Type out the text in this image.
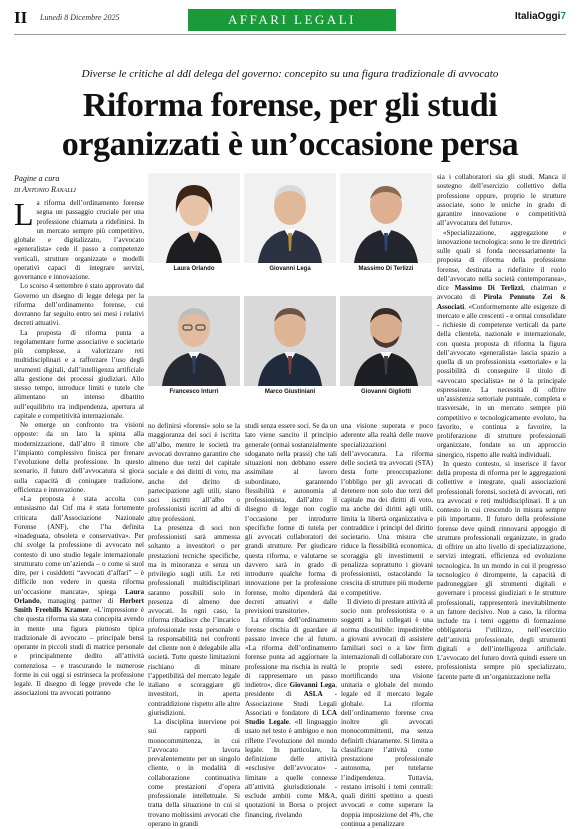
II Lunedì 8 Dicembre 2025	AFFARI LEGALI	ItaliaOggi7
Diverse le critiche al ddl delega del governo: concepito su una figura tradizionale di avvocato
Riforma forense, per gli studi
organizzati è un’occasione persa
Pagine a cura
di Antonio Ranalli

La riforma dell’ordinamento forense segna un passaggio cruciale per una professione chiamata a ridefinirsi. In un mercato sempre più competitivo, globale e digitalizzato, l’avvocato «generalista» cede il passo a competenze verticali, strutture organizzate e modelli operativi capaci di integrare servizi, governance e innovazione.

Lo scorso 4 settembre è stato approvato dal Governo un disegno di legge delega per la riforma dell’ordinamento forense, cui dovranno far seguito entro sei mesi i relativi decreti attuativi.

La proposta di riforma punta a regolamentare forme associative e societarie più complesse, a valorizzare reti multidisciplinari e a rafforzare l’uso degli strumenti digitali, dall’intelligenza artificiale alla gestione dei processi giudiziari. Allo stesso tempo, introduce limiti e tutele che alimentano un intenso dibattito sull’equilibrio tra indipendenza, apertura al capitale e competitività internazionale.

Ne emerge un confronto tra visioni opposte: da un lato la spinta alla modernizzazione, dall’altro il timore che l’impianto complessivo finisca per frenare l’evoluzione della professione. In questo scenario, il futuro dell’avvocatura si gioca sulla capacità di coniugare tradizione, efficienza e innovazione.

«La proposta è stata accolta con entusiasmo dal Cnf ma è stata fortemente criticata dall’Associazione Nazionale Forense (ANF), che l’ha definita «inadeguata, obsoleta e conservativa». Per chi svolge la professione di avvocato nel contesto di uno studio legale internazionale strutturato come un’azienda – o come si suol dire, per i cosiddetti “avvocati d’affari” – è difficile non vedere in questa riforma un’occasione mancata», spiega Laura Orlando, managing partner di Herbert Smith Freehills Kramer. «L’impressione è che questa riforma sia stata concepita avendo in mente una figura piuttosto tipica tradizionale di avvocato – principale bensì operante in piccoli studi di matrice personale e principalmente dedito all’attività contenziosa – e trascurando le numerose forme in cui oggi si estrinseca la professione legale. Il disegno di legge prevede che le associazioni tra avvocati potranno

Laura Orlando	Giovanni Lega	Massimo Di Terlizzi
Francesco Inturri	Marco Giustiniani	Giovanni Gigliotti

sia i collaboratori sia gli studi. Manca il sostegno dell’esercizio collettivo della professione oppure, proprio le strutture associate, sono le uniche in grado di garantire innovazione e competitività all’avvocatura del futuro».

«Specializzazione, aggregazione e innovazione tecnologica: sono le tre direttrici sulle quali si fonda necessariamente la proposta di riforma della professione forense, destinata a ridefinire il ruolo dell’avvocato nella società contemporanea», dice Massimo Di Terlizzi, chairman e avvocato di Pirola Pennuto Zei & Associati. «Conformemente alle esigenze di mercato e alle crescenti - e ormai consolidate - richieste di competenze verticali da parte della clientela, nazionale e internazionale, con questa proposta di riforma la figura dell’avvocato «generalista» lascia spazio a quella di un professionista «settoriale» e la possibilità di conseguire il titolo di «avvocato specialista» ne è la principale espressione. La necessità di offrire un’assistenza settoriale puntuale, completa e trasversale, in un mercato sempre più competitivo e tecnologicamente evoluto, ha favorito, e continua a favorire, la proliferazione di strutture professionali organizzate, fondate su un approccio sinergico, rispetto alle realtà individuali.

In questo contesto, si inserisce il favor della proposta di riforma per le aggregazioni collettive e integrate, quali associazioni professionali forensi, società di avvocati, reti tra avvocati e reti multidisciplinari. Il a un contesto in cui crescendo in misura sempre più importante. Il futuro della professione forense deve quindi rinnovarsi appoggio di strutture professionali organizzate, in grado di offrire un alto livello di specializzazione, servizi integrati, efficienza ed evoluzione tecnologica. In un mondo in cui il progresso tecnologico è dirompente, la capacità di padroneggiare gli strumenti digitali e governare i processi giudiziari e le strutture professionali, rappresenterà inevitabilmente un fattore decisivo. Non a caso, la riforma include tra i temi oggetto di formazione obbligatoria l’utilizzo, nell’esercizio dell’attività professionale, degli strumenti digitali e dell’intelligenza artificiale. L’avvocato del futuro dovrà quindi essere un professionista sempre più specializzato, facente parte di un’organizzazione nella

no definirsi «forensi» solo se la maggioranza dei soci è iscritta all’albo, mentre le società tra avvocati dovranno garantire che almeno due terzi del capitale sociale e dei diritti di voto, ma anche del diritto di partecipazione agli utili, siano soci iscritti all’albo o professionisti iscritti ad albi di altre professioni.

La presenza di soci non professionisti sarà ammessa soltanto a investitori o per prestazioni tecniche specifiche, ma in minoranza e senza un privilegio sugli utili. Le reti professionali multidisciplinari saranno possibili solo in presenza di almeno due avvocati. In ogni caso, la riforma ribadisce che l’incarico professionale resta personale e la responsabilità nei confronti del cliente non è delegabile alla società. Tutte queste limitazioni rischiano di minare l’appetibilità del mercato legale italiano e scoraggiare gli investitori, in aperta contraddizione rispetto alle altre giurisdizioni.

La disciplina interviene poi sui rapporti di monocommittenza, in cui l’avvocato lavora prevalentemente per un singolo cliente, o in modalità di collaborazione continuativa come prestazioni d’opera professionale intellettuale. Si tratta della situazione in cui si trovano moltissimi avvocati che operano in grandi

studi senza essere soci. Se da un lato viene sancito il principio generale (ormai sostanzialmente sdoganato nella prassi) che tali situazioni non debbano essere assimilate al lavoro subordinato, garantendo flessibilità e autonomia al professionista, dall’altro il disegno di legge non coglie l’occasione per introdurre specifiche forme di tutela per gli avvocati collaboratori dei grandi strutture. Per giudicare questa riforma, e valutarne se davvero sarà in grado di introdurre qualche forma di innovazione per la professione forense, molto dipenderà dai decreti attuativi e dalle previsioni transitorie».

La riforma dell’ordinamento forense rischia di guardare al passato invece che al futuro. «La riforma dell’ordinamento forense punta ad aggiornare la professione ma rischia in realtà di rappresentare un passo indietro», dice Giovanni Lega, presidente di ASLA - Associazione Studi Legali Associati e fondatore di LCA Studio Legale. «Il linguaggio usato nel testo è ambiguo e non riflette l’evoluzione del mondo legale. In particolare, la definizione delle attività «esclusive dell’avvocato» - limitate a quelle connesse all’attività giurisdizionale - esclude ambiti come M&A, quotazioni in Borsa o project financing, rivelando

una visione superata e poco aderente alla realtà delle nuove specializzazioni dell’avvocatura. La riforma delle società tra avvocati (STA) desta forte preoccupazione: l’obbligo per gli avvocati di detenere non solo due terzi del capitale ma dei diritti di voto, ma anche dei diritti agli utili, limita la libertà organizzativa e contraddice i principi del diritto societario. Una misura che riduce la flessibilità economica, scoraggia gli investimenti e penalizza soprattutto i giovani professionisti, ostacolando la crescita di strutture più moderne e competitive.

Il divieto di prestare attività al socio non professionista o a soggetti a lui collegati è una norma discutibile: impedirebbe a giovani avvocati di assistere familiari soci o a law firm internazionali di collaborare con le proprie sedi estere, mortificando una visione unitaria e globale del mondo legale ed il mercato legale globale. La riforma dell’ordinamento forense crea inoltre gli avvocati monocommittenti, ma senza definirli chiaramente. Si limita a classificare l’attività come prestazione professionale autonoma, per tutelarne l’indipendenza. Tuttavia, restano irrisolti i temi centrali: quali diritti spettino a questi avvocati e come superare la doppia imposizione del 4%, che continua a penalizzare
